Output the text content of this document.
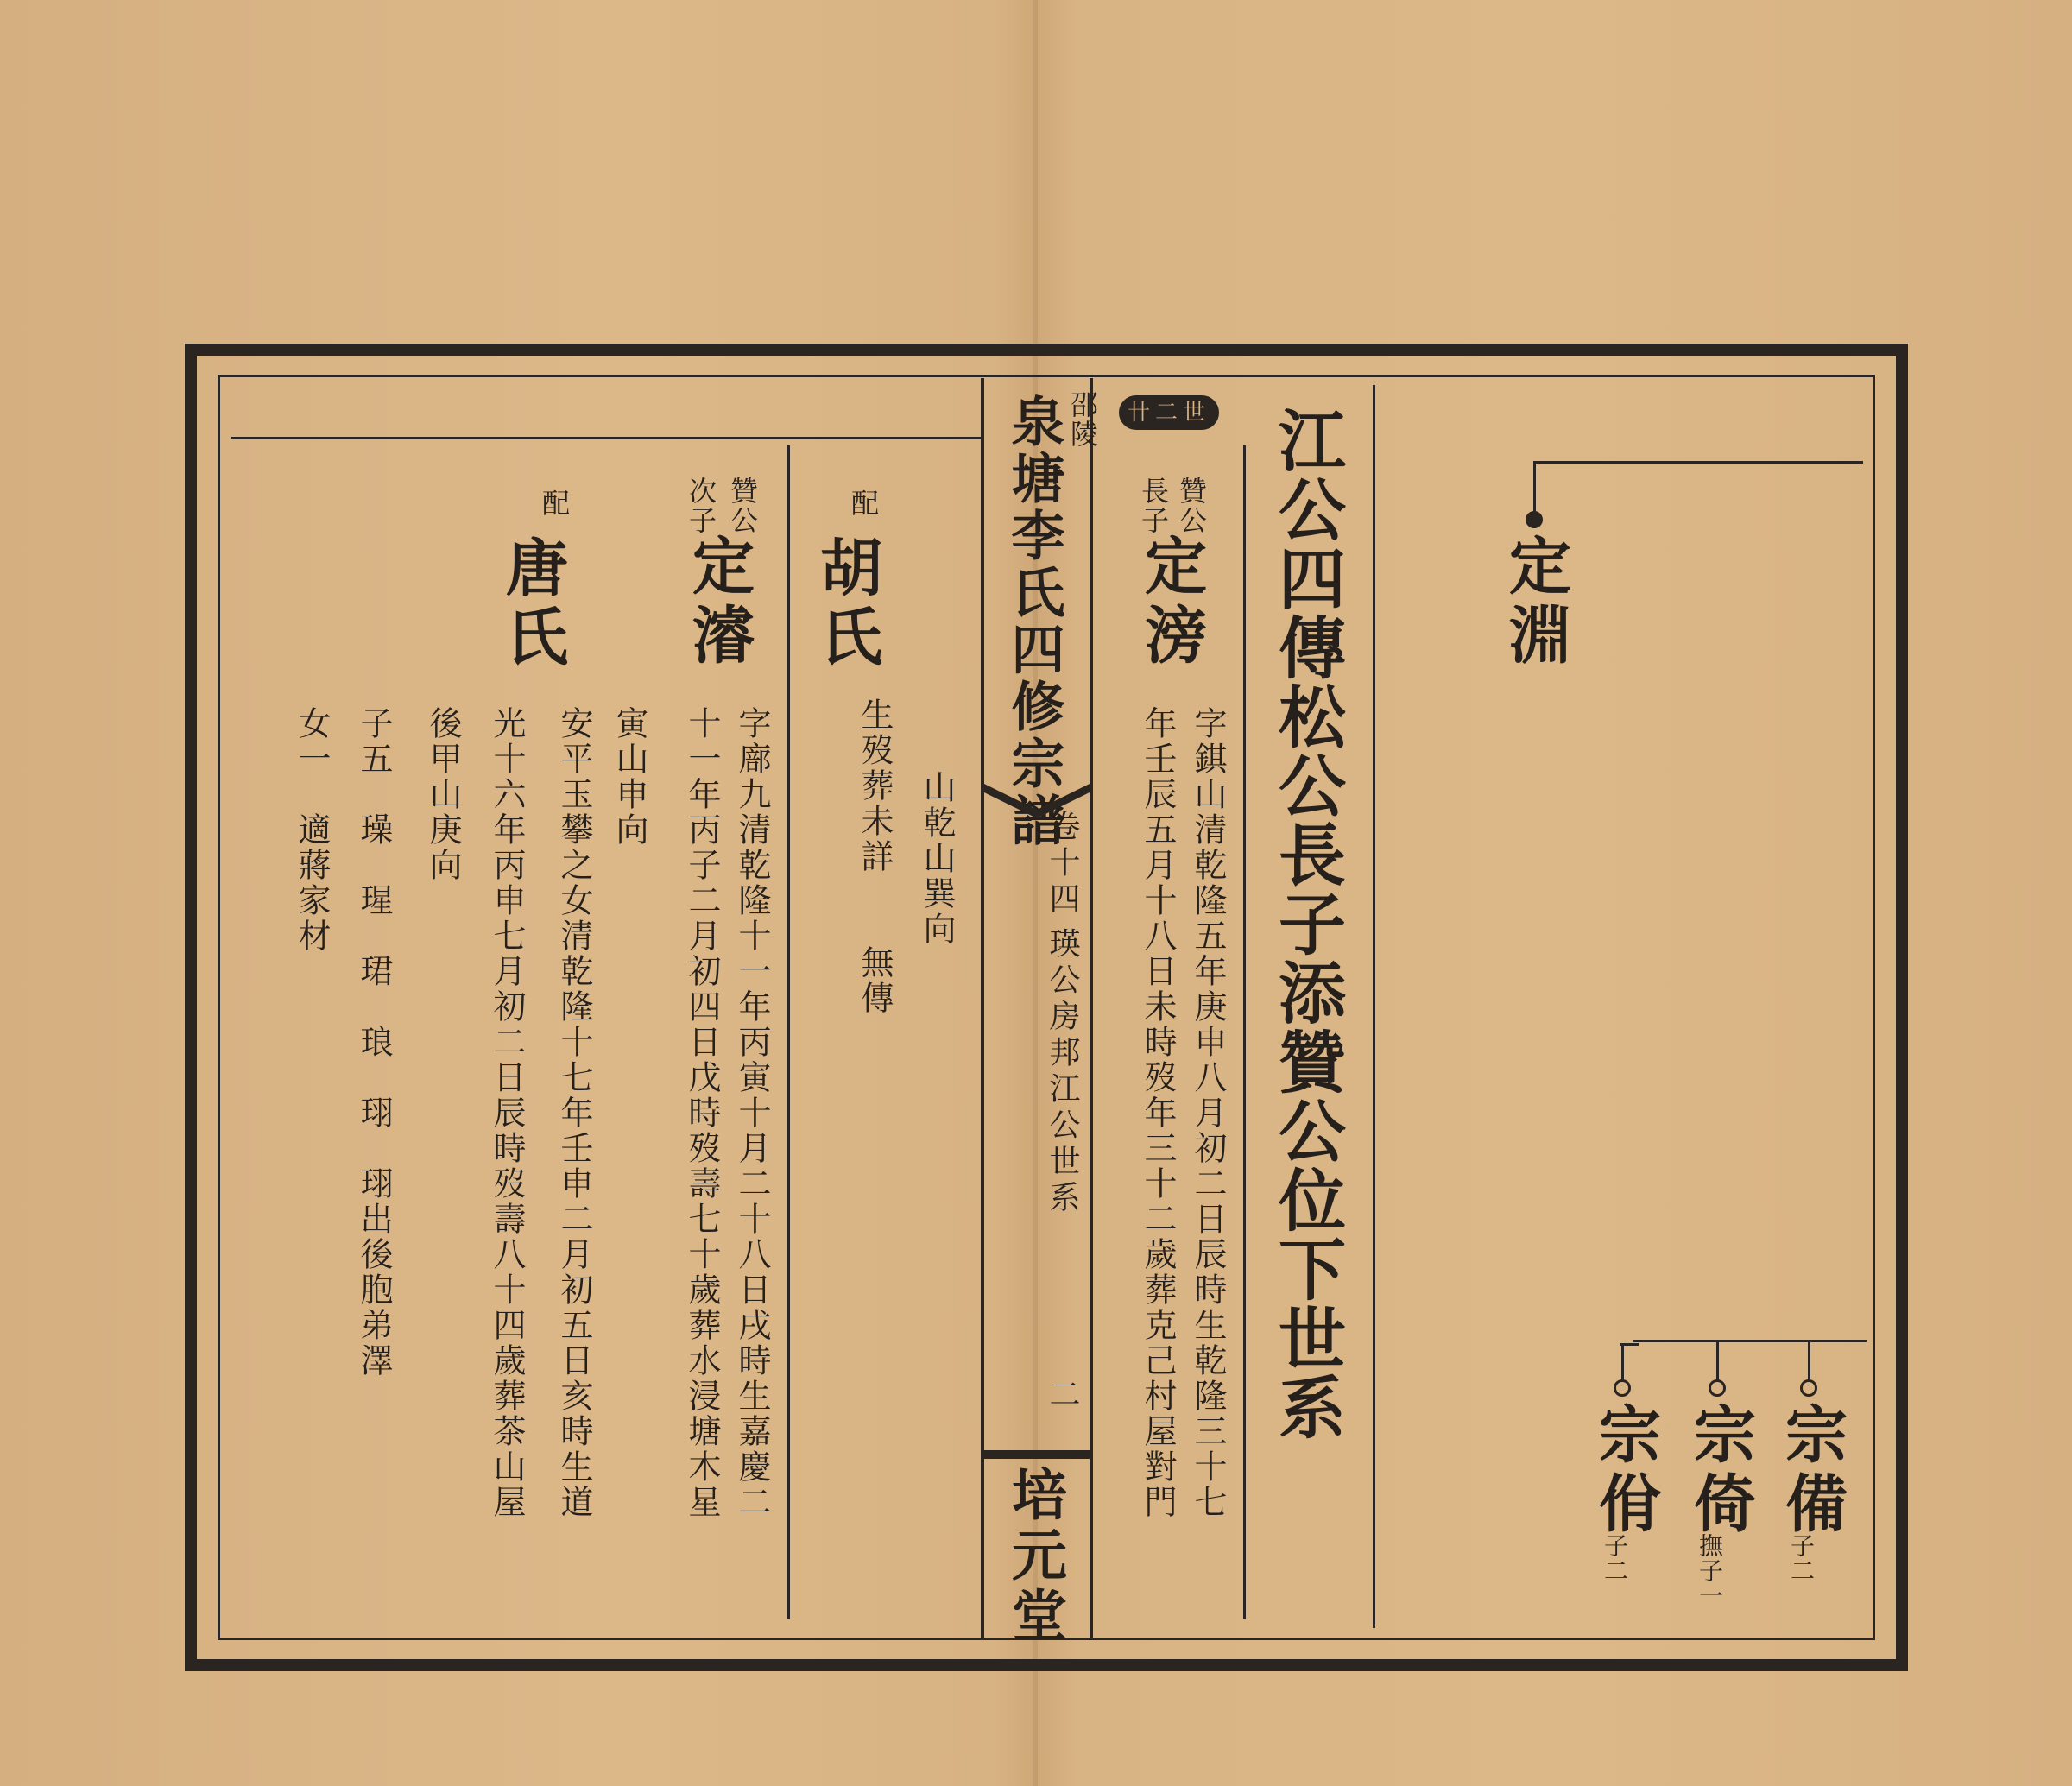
邵陵
泉塘李氏四修宗譜
卷十四
瑛公房邦江公世系
二
培元堂
卄二世 江公四傳松公長子添贊公位下世系 定淵
宗備
子二
宗倚
撫子一
宗佾
子二
贊公
長子
定滂
字錤山清乾隆五年庚申八月初二日辰時生乾隆三十七
年壬辰五月十八日未時歿年三十二歲葬克己村屋對門
山乾山巽向
配
胡氏
生歿葬未詳　　無傳
贊公
次子
定濬
字廍九清乾隆十一年丙寅十月二十八日戌時生嘉慶二
十一年丙子二月初四日戊時歿壽七十歲葬水浸塘木星
寅山申向
配
唐氏
安平玉攀之女清乾隆十七年壬申二月初五日亥時生道
光十六年丙申七月初二日辰時歿壽八十四歲葬茶山屋
後甲山庚向
子五　璪　瑆　珺　琅　珝　珝出後胞弟澤
女一　適蔣家材
